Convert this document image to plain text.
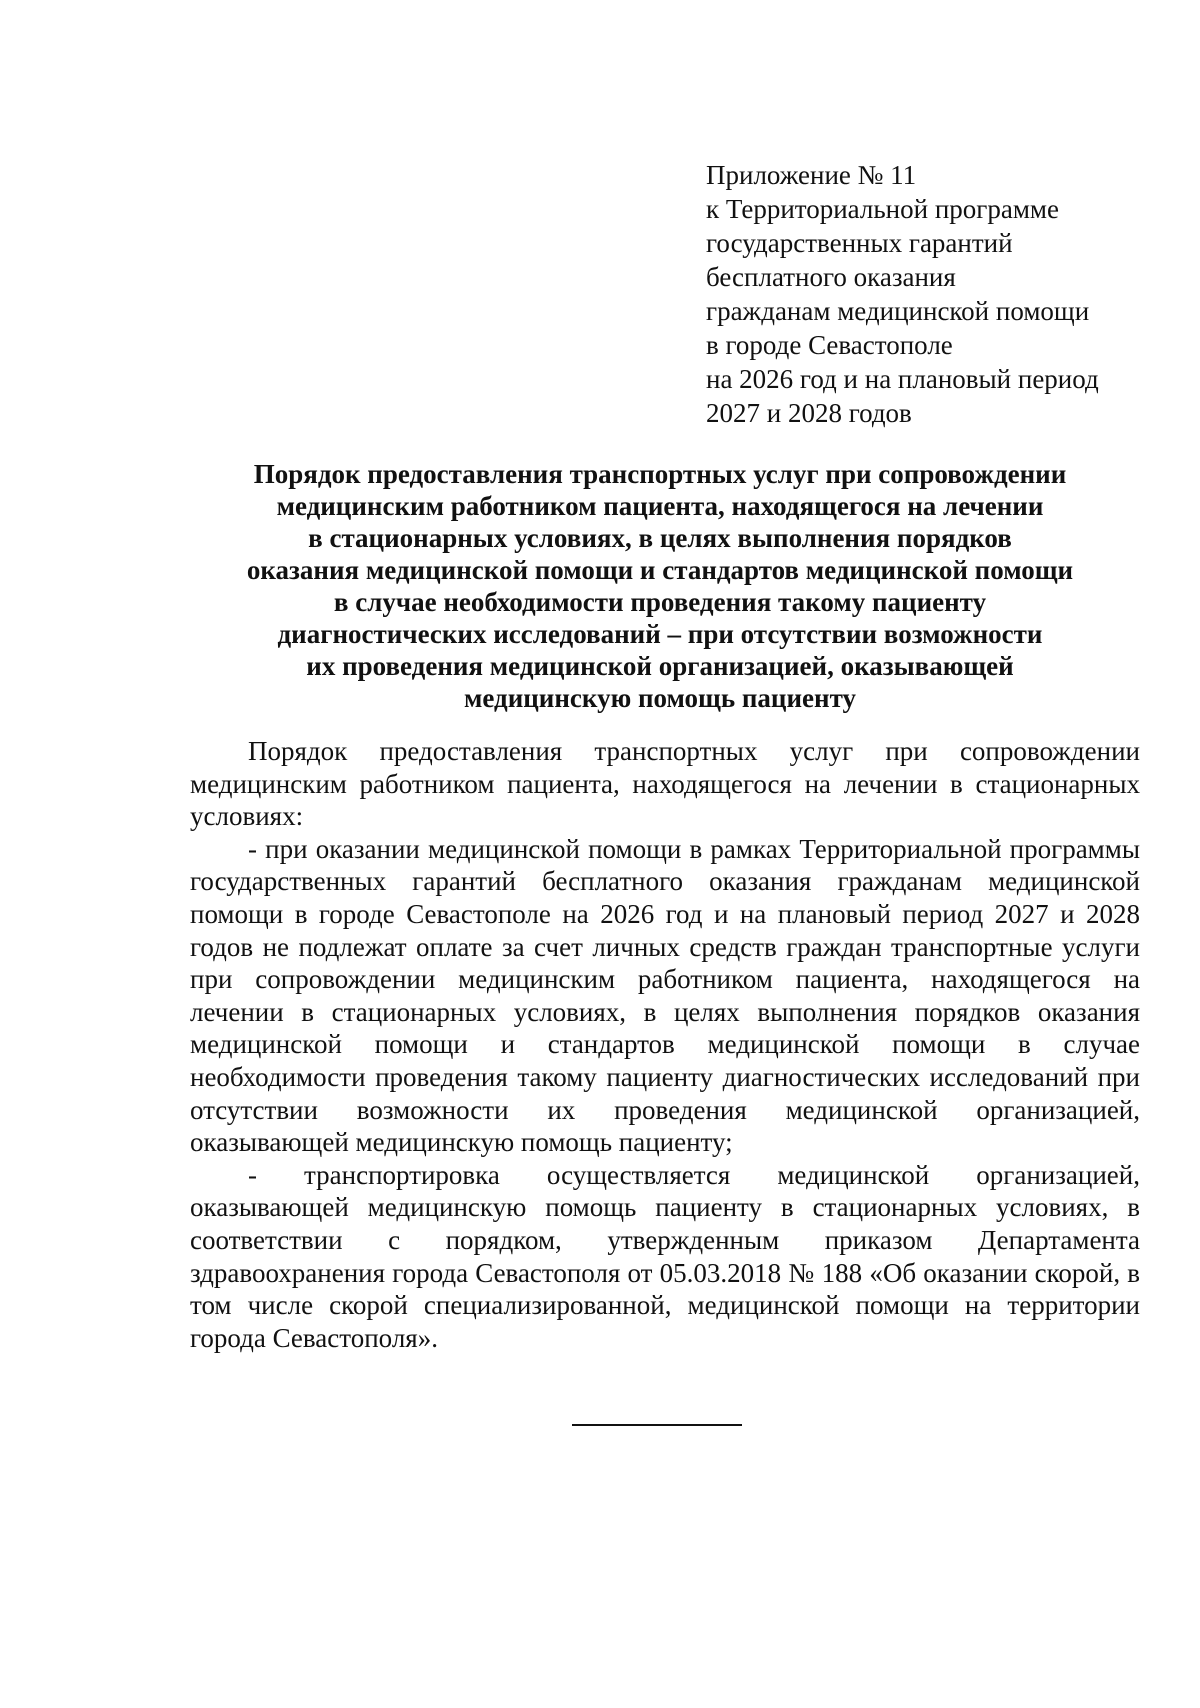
Приложение № 11
к Территориальной программе
государственных гарантий
бесплатного оказания
гражданам медицинской помощи
в городе Севастополе
на 2026 год и на плановый период
2027 и 2028 годов
Порядок предоставления транспортных услуг при сопровождении
медицинским работником пациента, находящегося на лечении
в стационарных условиях, в целях выполнения порядков
оказания медицинской помощи и стандартов медицинской помощи
в случае необходимости проведения такому пациенту
диагностических исследований – при отсутствии возможности
их проведения медицинской организацией, оказывающей
медицинскую помощь пациенту

Порядок предоставления транспортных услуг при сопровождении медицинским работником пациента, находящегося на лечении в стационарных условиях:

- при оказании медицинской помощи в рамках Территориальной программы государственных гарантий бесплатного оказания гражданам медицинской помощи в городе Севастополе на 2026 год и на плановый период 2027 и 2028 годов не подлежат оплате за счет личных средств граждан транспортные услуги при сопровождении медицинским работником пациента, находящегося на лечении в стационарных условиях, в целях выполнения порядков оказания медицинской помощи и стандартов медицинской помощи в случае необходимости проведения такому пациенту диагностических исследований при отсутствии возможности их проведения медицинской организацией, оказывающей медицинскую помощь пациенту;

- транспортировка осуществляется медицинской организацией, оказывающей медицинскую помощь пациенту в стационарных условиях, в соответствии с порядком, утвержденным приказом Департамента здравоохранения города Севастополя от 05.03.2018 № 188 «Об оказании скорой, в том числе скорой специализированной, медицинской помощи на территории города Севастополя».
